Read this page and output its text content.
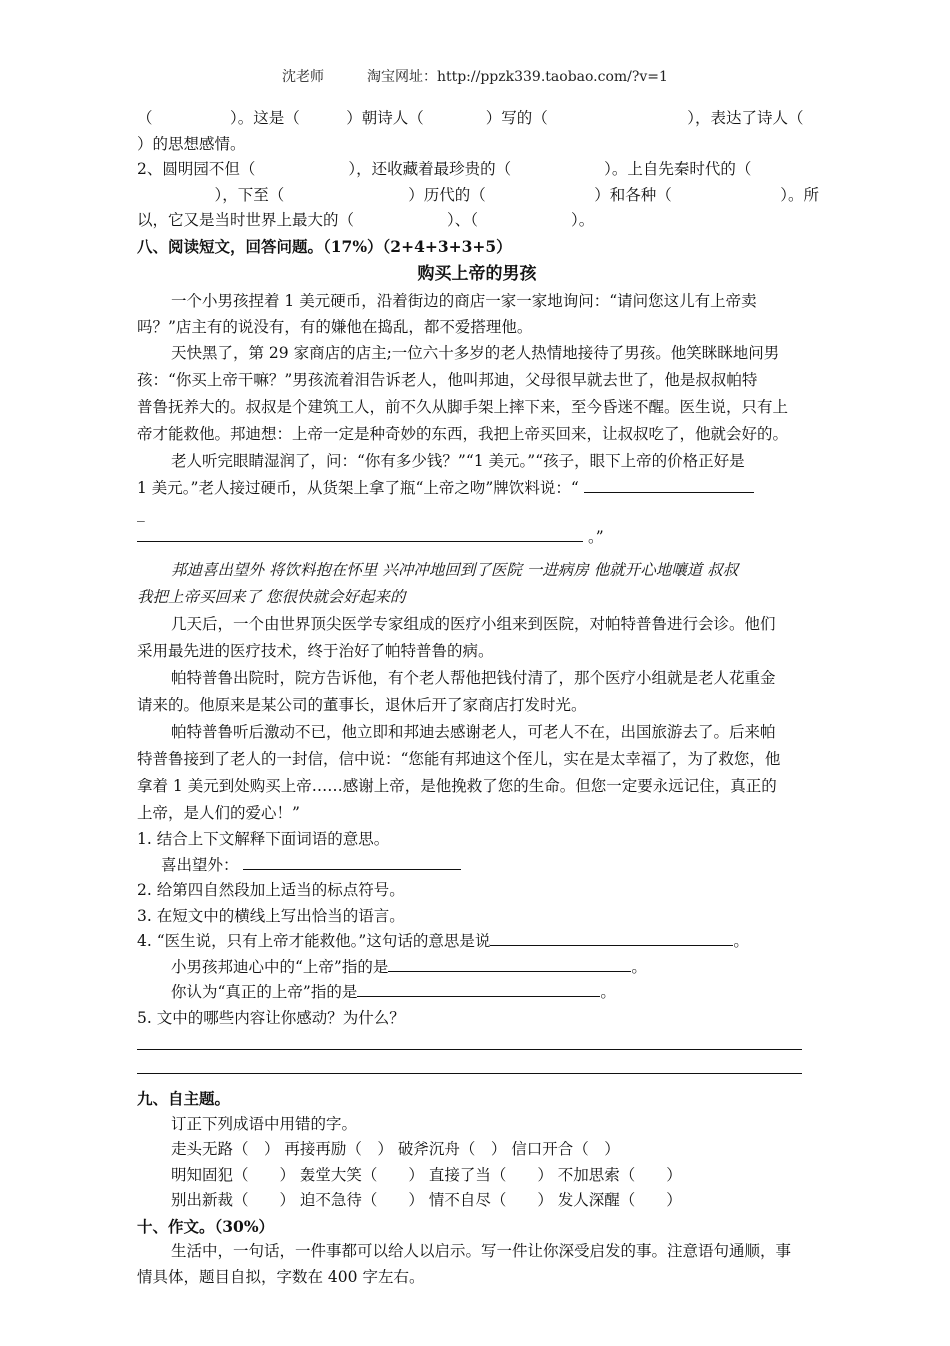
沈老师	淘宝网址：http://ppzk339.taobao.com/?v=1
（　　　　　）。这是（　　　）朝诗人（　　　　）写的（　　　　　　　　　），表达了诗人（
）的思想感情。
2、圆明园不但（　　　　　　），还收藏着最珍贵的（　　　　　　）。上自先秦时代的（
　　　　　），下至（　　　　　　　　）历代的（　　　　　　　）和各种（　　　　　　　）。所
以，它又是当时世界上最大的（　　　　　　）、（　　　　　　）。
八、阅读短文，回答问题。（17%）（2+4+3+3+5）
购买上帝的男孩
一个小男孩捏着 1 美元硬币，沿着街边的商店一家一家地询问：“请问您这儿有上帝卖
吗？”店主有的说没有，有的嫌他在捣乱，都不爱搭理他。
天快黑了，第 29 家商店的店主;一位六十多岁的老人热情地接待了男孩。他笑眯眯地问男
孩：“你买上帝干嘛？”男孩流着泪告诉老人，他叫邦迪，父母很早就去世了，他是叔叔帕特
普鲁抚养大的。叔叔是个建筑工人，前不久从脚手架上摔下来，至今昏迷不醒。医生说，只有上
帝才能救他。邦迪想：上帝一定是种奇妙的东西，我把上帝买回来，让叔叔吃了，他就会好的。
老人听完眼睛湿润了，问：“你有多少钱？”“1 美元。”“孩子，眼下上帝的价格正好是
1 美元。”老人接过硬币，从货架上拿了瓶“上帝之吻”牌饮料说：“
_
。”
邦迪喜出望外 将饮料抱在怀里 兴冲冲地回到了医院 一进病房 他就开心地嚷道 叔叔
我把上帝买回来了 您很快就会好起来的
几天后，一个由世界顶尖医学专家组成的医疗小组来到医院，对帕特普鲁进行会诊。他们
采用最先进的医疗技术，终于治好了帕特普鲁的病。
帕特普鲁出院时，院方告诉他，有个老人帮他把钱付清了，那个医疗小组就是老人花重金
请来的。他原来是某公司的董事长，退休后开了家商店打发时光。
帕特普鲁听后激动不已，他立即和邦迪去感谢老人，可老人不在，出国旅游去了。后来帕
特普鲁接到了老人的一封信，信中说：“您能有邦迪这个侄儿，实在是太幸福了，为了救您，他
拿着 1 美元到处购买上帝……感谢上帝，是他挽救了您的生命。但您一定要永远记住，真正的
上帝，是人们的爱心！”
1. 结合上下文解释下面词语的意思。
喜出望外：
2. 给第四自然段加上适当的标点符号。
3. 在短文中的横线上写出恰当的语言。
4. “医生说，只有上帝才能救他。”这句话的意思是说	。
小男孩邦迪心中的“上帝”指的是	。
你认为“真正的上帝”指的是	。
5. 文中的哪些内容让你感动？为什么？
九、自主题。
订正下列成语中用错的字。
走头无路（　） 再接再励（　） 破斧沉舟（　） 信口开合（　）
明知固犯（　　） 轰堂大笑（　　） 直接了当（　　） 不加思索（　　）
别出新裁（　　） 迫不急待（　　） 情不自尽（　　） 发人深醒（　　）
十、作文。（30%）
生活中，一句话，一件事都可以给人以启示。写一件让你深受启发的事。注意语句通顺，事
情具体，题目自拟，字数在 400 字左右。
